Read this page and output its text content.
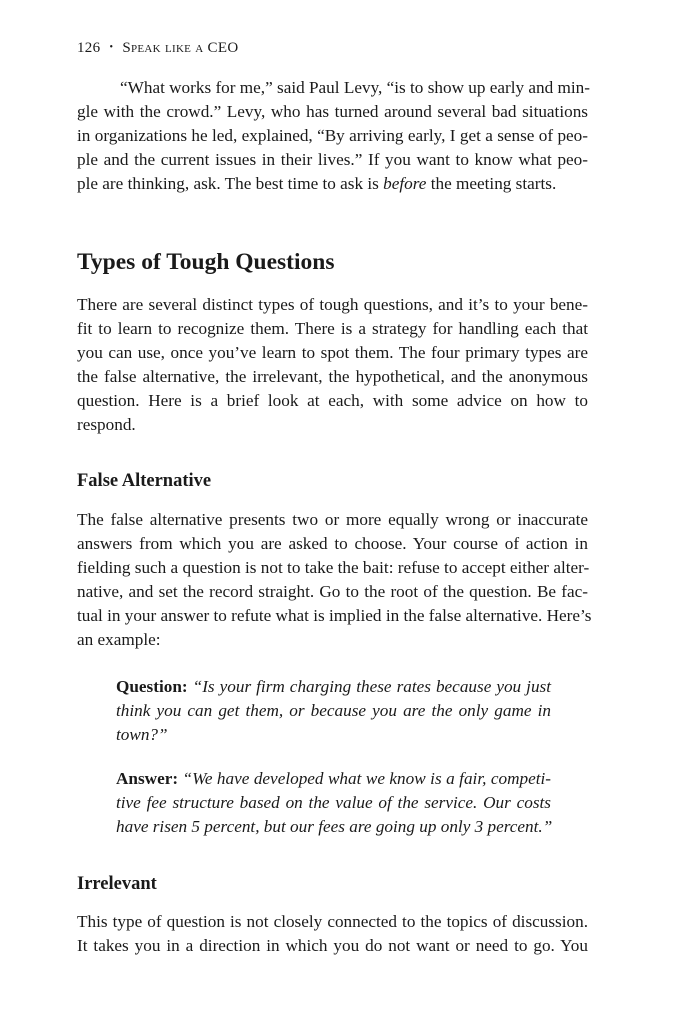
126 • Speak like a CEO
“What works for me,” said Paul Levy, “is to show up early and min-
gle with the crowd.” Levy, who has turned around several bad situations
in organizations he led, explained, “By arriving early, I get a sense of peo-
ple and the current issues in their lives.” If you want to know what peo-
ple are thinking, ask. The best time to ask is before the meeting starts.
Types of Tough Questions
There are several distinct types of tough questions, and it’s to your bene-
fit to learn to recognize them. There is a strategy for handling each that
you can use, once you’ve learn to spot them. The four primary types are
the false alternative, the irrelevant, the hypothetical, and the anonymous
question. Here is a brief look at each, with some advice on how to
respond.
False Alternative
The false alternative presents two or more equally wrong or inaccurate
answers from which you are asked to choose. Your course of action in
fielding such a question is not to take the bait: refuse to accept either alter-
native, and set the record straight. Go to the root of the question. Be fac-
tual in your answer to refute what is implied in the false alternative. Here’s
an example:
Question: “Is your firm charging these rates because you just
think you can get them, or because you are the only game in
town?”
Answer: “We have developed what we know is a fair, competi-
tive fee structure based on the value of the service. Our costs
have risen 5 percent, but our fees are going up only 3 percent.”
Irrelevant
This type of question is not closely connected to the topics of discussion.
It takes you in a direction in which you do not want or need to go. You
